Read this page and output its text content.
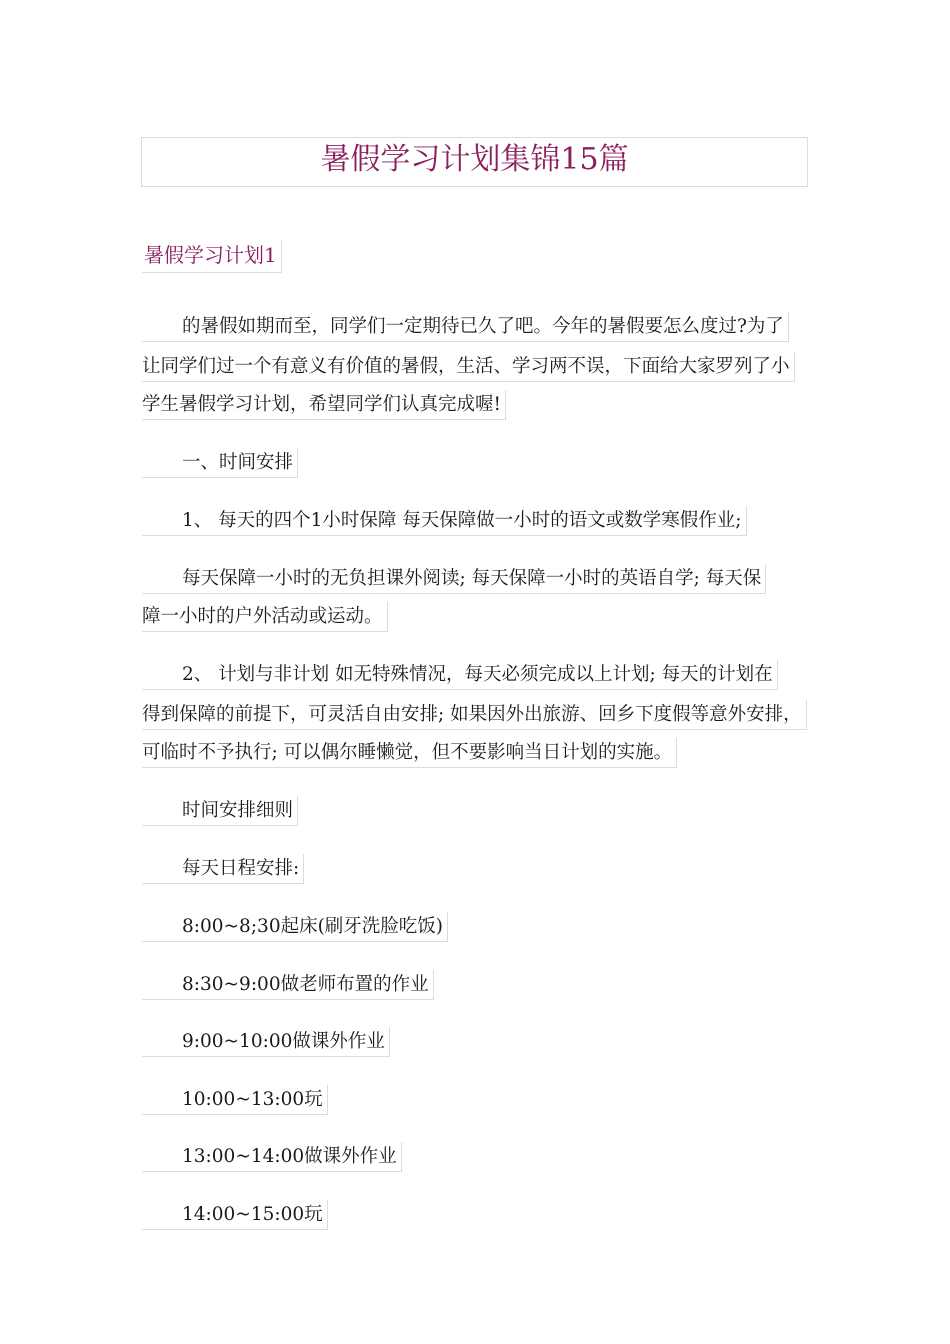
暑假学习计划集锦15篇
暑假学习计划1
的暑假如期而至，同学们一定期待已久了吧。今年的暑假要怎么度过?为了
让同学们过一个有意义有价值的暑假，生活、学习两不误，下面给大家罗列了小
学生暑假学习计划，希望同学们认真完成喔!
一、时间安排
1、 每天的四个1小时保障 每天保障做一小时的语文或数学寒假作业;
每天保障一小时的无负担课外阅读; 每天保障一小时的英语自学; 每天保
障一小时的户外活动或运动。
2、 计划与非计划 如无特殊情况，每天必须完成以上计划; 每天的计划在
得到保障的前提下，可灵活自由安排; 如果因外出旅游、回乡下度假等意外安排，
可临时不予执行; 可以偶尔睡懒觉，但不要影响当日计划的实施。
时间安排细则
每天日程安排:
8:00~8;30起床(刷牙洗脸吃饭)
8:30~9:00做老师布置的作业
9:00~10:00做课外作业
10:00~13:00玩
13:00~14:00做课外作业
14:00~15:00玩
